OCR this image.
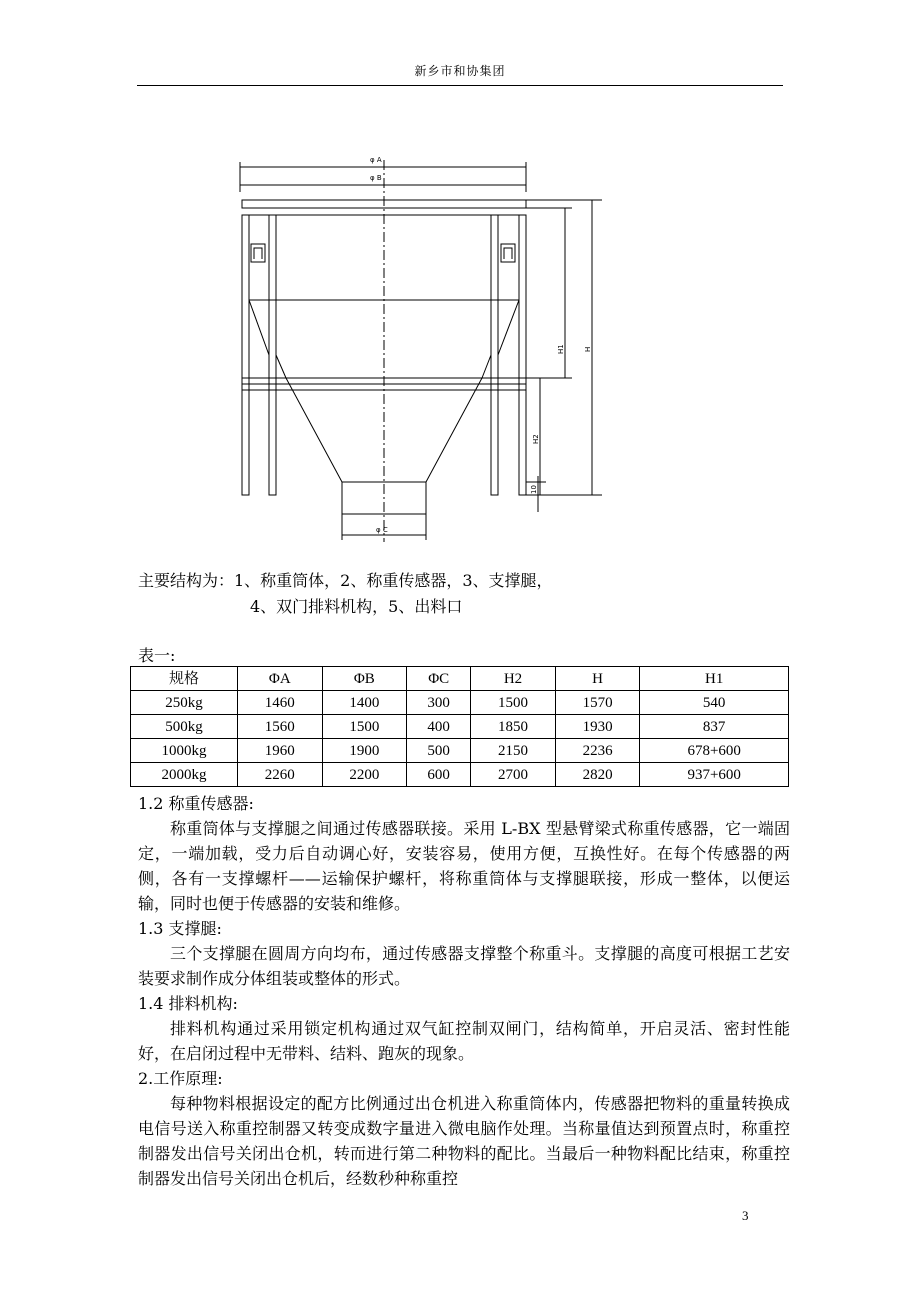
新乡市和协集团
φ A
φ B
φ C
H
H1
H2
10
主要结构为：1、称重筒体，2、称重传感器，3、支撑腿，
4、双门排料机构，5、出料口
表一:
规格	ΦA	ΦB	ΦC	H2	H	H1
250kg	1460	1400	300	1500	1570	540
500kg	1560	1500	400	1850	1930	837
1000kg	1960	1900	500	2150	2236	678+600
2000kg	2260	2200	600	2700	2820	937+600

1.2 称重传感器:

称重筒体与支撑腿之间通过传感器联接。采用 L-BX 型悬臂梁式称重传感器，它一端固定，一端加载，受力后自动调心好，安装容易，使用方便，互换性好。在每个传感器的两侧，各有一支撑螺杆——运输保护螺杆，将称重筒体与支撑腿联接，形成一整体，以便运输，同时也便于传感器的安装和维修。

1.3 支撑腿:

三个支撑腿在圆周方向均布，通过传感器支撑整个称重斗。支撑腿的高度可根据工艺安装要求制作成分体组装或整体的形式。

1.4 排料机构:

排料机构通过采用锁定机构通过双气缸控制双闸门，结构简单，开启灵活、密封性能好，在启闭过程中无带料、结料、跑灰的现象。

2.工作原理:

每种物料根据设定的配方比例通过出仓机进入称重筒体内，传感器把物料的重量转换成电信号送入称重控制器又转变成数字量进入微电脑作处理。当称量值达到预置点时，称重控制器发出信号关闭出仓机，转而进行第二种物料的配比。当最后一种物料配比结束，称重控制器发出信号关闭出仓机后，经数秒种称重控

3
